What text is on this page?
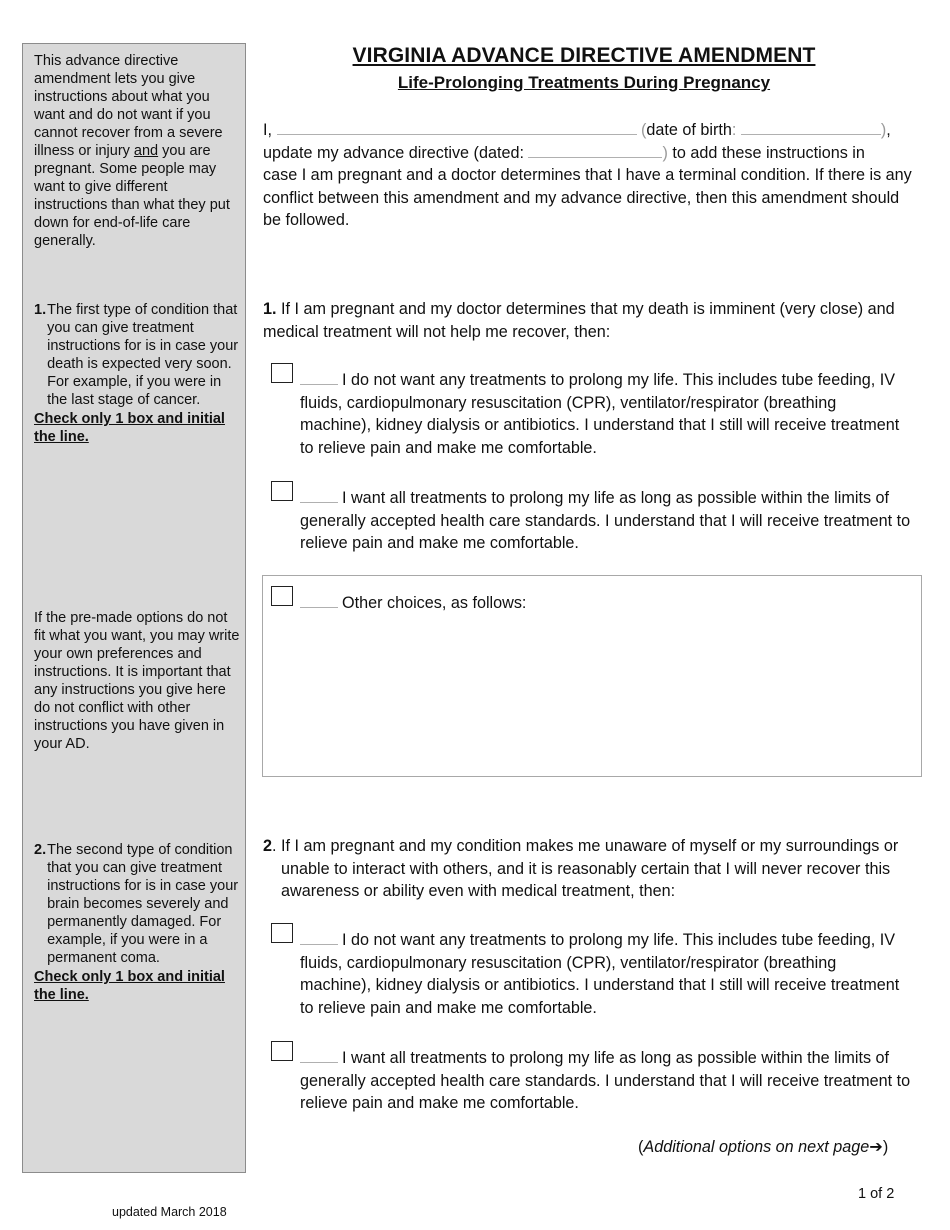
This advance directive amendment lets you give instructions about what you want and do not want if you cannot recover from a severe illness or injury and you are pregnant. Some people may want to give different instructions than what they put down for end-of-life care generally.
1. The first type of condition that you can give treatment instructions for is in case your death is expected very soon. For example, if you were in the last stage of cancer.
Check only 1 box and initial the line.
If the pre-made options do not fit what you want, you may write your own preferences and instructions. It is important that any instructions you give here do not conflict with other instructions you have given in your AD.
2. The second type of condition that you can give treatment instructions for is in case your brain becomes severely and permanently damaged. For example, if you were in a permanent coma.
Check only 1 box and initial the line.
VIRGINIA ADVANCE DIRECTIVE AMENDMENT
Life-Prolonging Treatments During Pregnancy
I,	(date of birth:	),
update my advance directive (dated:	) to add these instructions in
case I am pregnant and a doctor determines that I have a terminal condition. If there is any conflict between this amendment and my advance directive, then this amendment should be followed.
1. If I am pregnant and my doctor determines that my death is imminent (very close) and medical treatment will not help me recover, then:
I do not want any treatments to prolong my life. This includes tube feeding, IV fluids, cardiopulmonary resuscitation (CPR), ventilator/respirator (breathing machine), kidney dialysis or antibiotics. I understand that I still will receive treatment to relieve pain and make me comfortable.
I want all treatments to prolong my life as long as possible within the limits of generally accepted health care standards. I understand that I will receive treatment to relieve pain and make me comfortable.
Other choices, as follows:
2. If I am pregnant and my condition makes me unaware of myself or my surroundings or unable to interact with others, and it is reasonably certain that I will never recover this awareness or ability even with medical treatment, then:
I do not want any treatments to prolong my life. This includes tube feeding, IV fluids, cardiopulmonary resuscitation (CPR), ventilator/respirator (breathing machine), kidney dialysis or antibiotics. I understand that I still will receive treatment to relieve pain and make me comfortable.
I want all treatments to prolong my life as long as possible within the limits of generally accepted health care standards. I understand that I will receive treatment to relieve pain and make me comfortable.
(Additional options on next page➔)
1 of 2
updated March 2018
